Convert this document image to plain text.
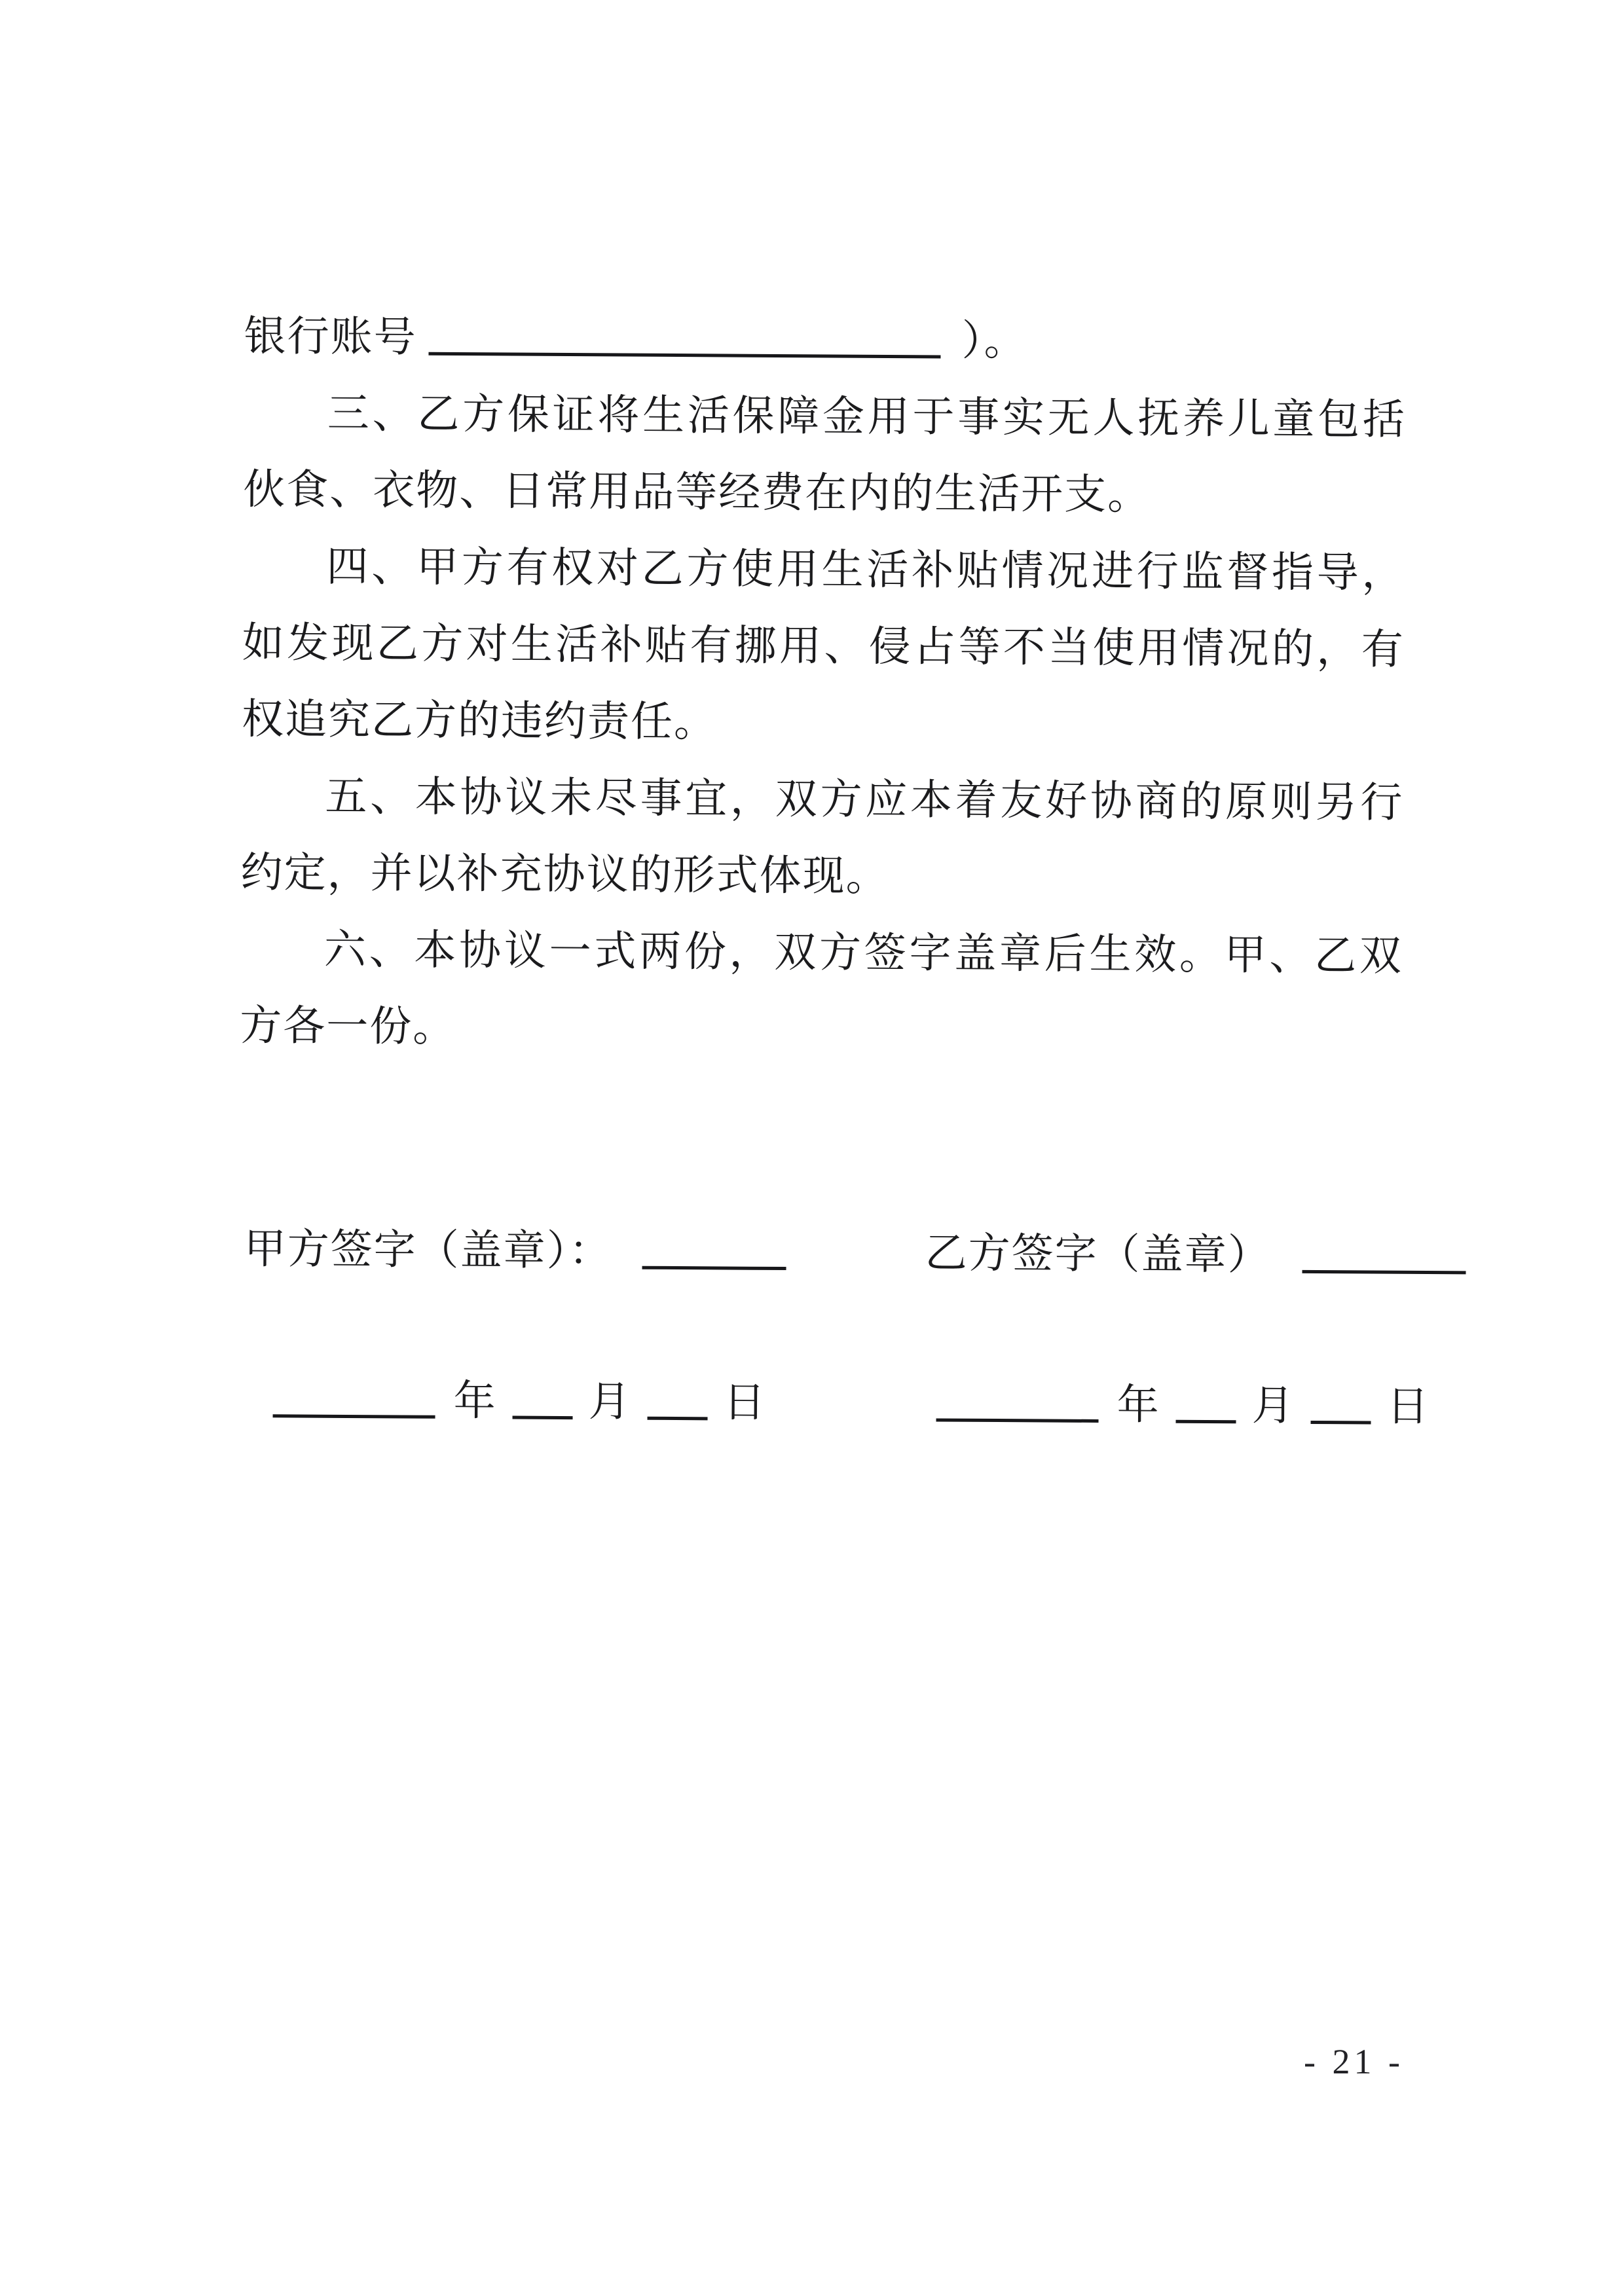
银行账号	）。

三、乙方保证将生活保障金用于事实无人抚养儿童包括伙食、衣物、日常用品等经费在内的生活开支。

四、甲方有权对乙方使用生活补贴情况进行监督指导，如发现乙方对生活补贴有挪用、侵占等不当使用情况的，有权追究乙方的违约责任。

五、本协议未尽事宜，双方应本着友好协商的原则另行约定，并以补充协议的形式体现。

六、本协议一式两份，双方签字盖章后生效。甲、乙双方各一份。

甲方签字（盖章）：	乙方签字（盖章）
年 月 日	年 月 日
- 21 -
